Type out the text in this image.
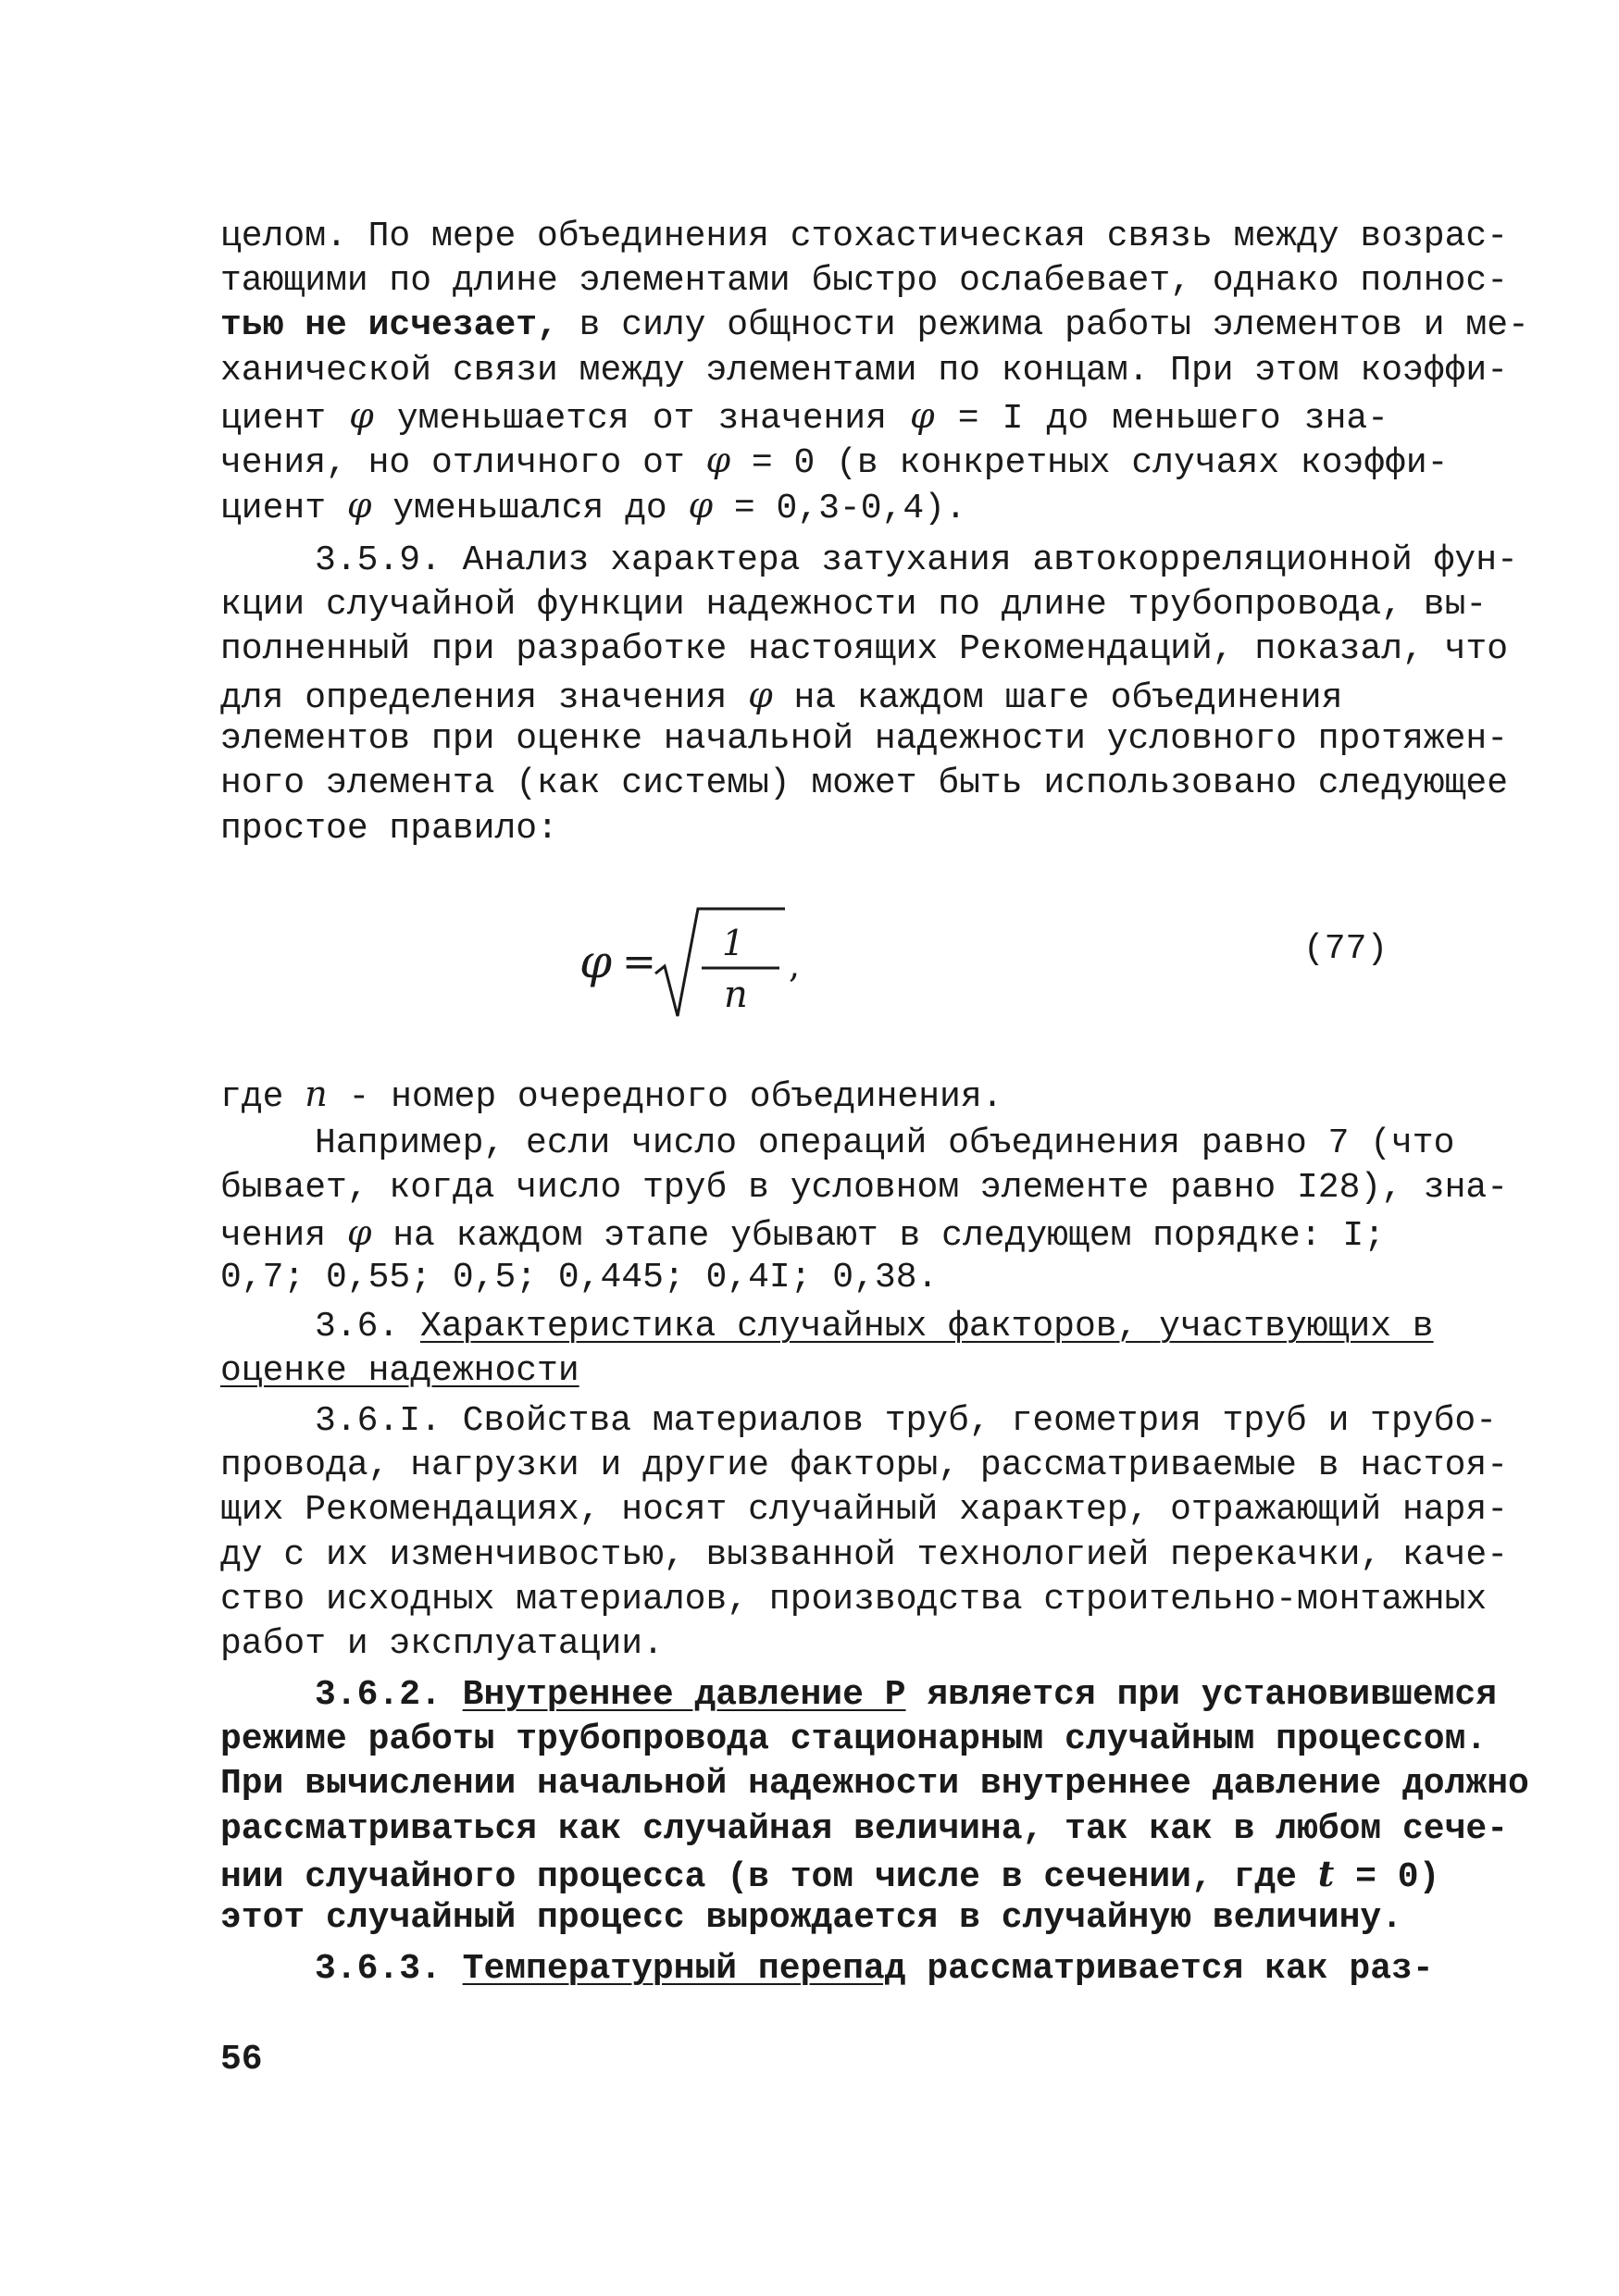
целом. По мере объединения стохастическая связь между возрас-
тающими по длине элементами быстро ослабевает, однако полнос-
тью не исчезает, в силу общности режима работы элементов и ме-
ханической связи между элементами по концам. При этом коэффи-
циент φ уменьшается от значения φ = I до меньшего зна-
чения, но отличного от φ = 0 (в конкретных случаях коэффи-
циент φ уменьшался до φ = 0,3-0,4).
3.5.9. Анализ характера затухания автокорреляционной фун-
кции случайной функции надежности по длине трубопровода, вы-
полненный при разработке настоящих Рекомендаций, показал, что
для определения значения φ на каждом шаге объединения
элементов при оценке начальной надежности условного протяжен-
ного элемента (как системы) может быть использовано следующее
простое правило:
φ = 1
n
,	(77)
где n - номер очередного объединения.
Например, если число операций объединения равно 7 (что
бывает, когда число труб в условном элементе равно I28), зна-
чения φ на каждом этапе убывают в следующем порядке: I;
0,7; 0,55; 0,5; 0,445; 0,4I; 0,38.
3.6. Характеристика случайных факторов, участвующих в
оценке надежности
3.6.I. Свойства материалов труб, геометрия труб и трубо-
провода, нагрузки и другие факторы, рассматриваемые в настоя-
щих Рекомендациях, носят случайный характер, отражающий наря-
ду с их изменчивостью, вызванной технологией перекачки, каче-
ство исходных материалов, производства строительно-монтажных
работ и эксплуатации.
3.6.2. Внутреннее давление Р является при установившемся
режиме работы трубопровода стационарным случайным процессом.
При вычислении начальной надежности внутреннее давление должно
рассматриваться как случайная величина, так как в любом сече-
нии случайного процесса (в том числе в сечении, где t = 0)
этот случайный процесс вырождается в случайную величину.
3.6.3. Температурный перепад рассматривается как раз-
56
